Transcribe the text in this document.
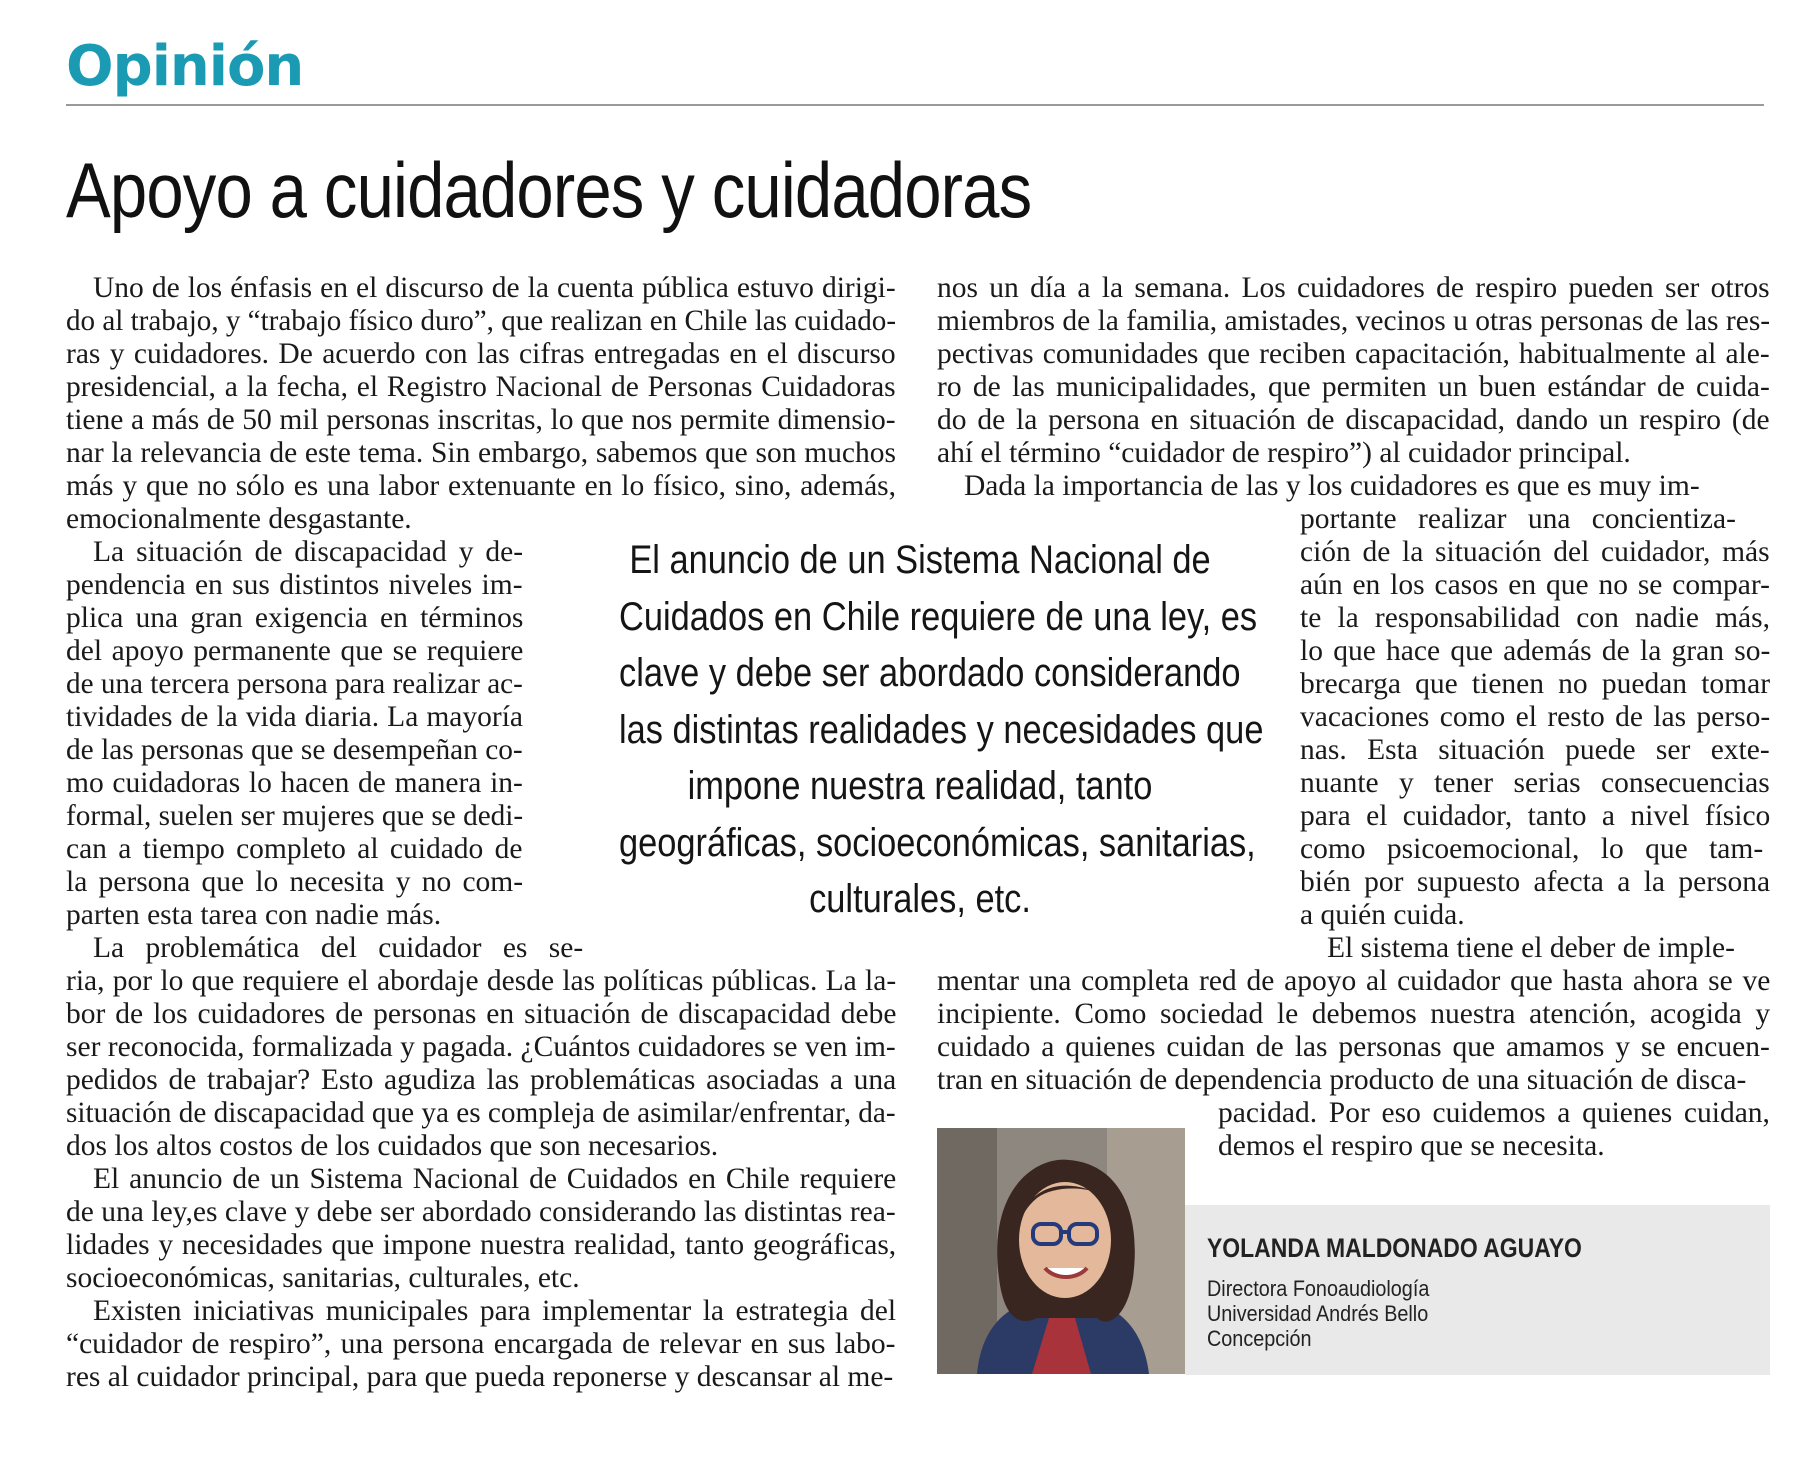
Opinión
Apoyo a cuidadores y cuidadoras
Uno de los énfasis en el discurso de la cuenta pública estuvo dirigi-
do al trabajo, y “trabajo físico duro”, que realizan en Chile las cuidado-
ras y cuidadores. De acuerdo con las cifras entregadas en el discurso
presidencial, a la fecha, el Registro Nacional de Personas Cuidadoras
tiene a más de 50 mil personas inscritas, lo que nos permite dimensio-
nar la relevancia de este tema. Sin embargo, sabemos que son muchos
más y que no sólo es una labor extenuante en lo físico, sino, además,
emocionalmente desgastante.
La situación de discapacidad y de-
pendencia en sus distintos niveles im-
plica una gran exigencia en términos
del apoyo permanente que se requiere
de una tercera persona para realizar ac-
tividades de la vida diaria. La mayoría
de las personas que se desempeñan co-
mo cuidadoras lo hacen de manera in-
formal, suelen ser mujeres que se dedi-
can a tiempo completo al cuidado de
la persona que lo necesita y no com-
parten esta tarea con nadie más.
La problemática del cuidador es se-
ria, por lo que requiere el abordaje desde las políticas públicas. La la-
bor de los cuidadores de personas en situación de discapacidad debe
ser reconocida, formalizada y pagada. ¿Cuántos cuidadores se ven im-
pedidos de trabajar? Esto agudiza las problemáticas asociadas a una
situación de discapacidad que ya es compleja de asimilar/enfrentar, da-
dos los altos costos de los cuidados que son necesarios.
El anuncio de un Sistema Nacional de Cuidados en Chile requiere
de una ley,es clave y debe ser abordado considerando las distintas rea-
lidades y necesidades que impone nuestra realidad, tanto geográficas,
socioeconómicas, sanitarias, culturales, etc.
Existen iniciativas municipales para implementar la estrategia del
“cuidador de respiro”, una persona encargada de relevar en sus labo-
res al cuidador principal, para que pueda reponerse y descansar al me-
nos un día a la semana. Los cuidadores de respiro pueden ser otros
miembros de la familia, amistades, vecinos u otras personas de las res-
pectivas comunidades que reciben capacitación, habitualmente al ale-
ro de las municipalidades, que permiten un buen estándar de cuida-
do de la persona en situación de discapacidad, dando un respiro (de
ahí el término “cuidador de respiro”) al cuidador principal.
Dada la importancia de las y los cuidadores es que es muy im-
portante realizar una concientiza-
ción de la situación del cuidador, más
aún en los casos en que no se compar-
te la responsabilidad con nadie más,
lo que hace que además de la gran so-
brecarga que tienen no puedan tomar
vacaciones como el resto de las perso-
nas. Esta situación puede ser exte-
nuante y tener serias consecuencias
para el cuidador, tanto a nivel físico
como psicoemocional, lo que tam-
bién por supuesto afecta a la persona
a quién cuida.
El sistema tiene el deber de imple-
mentar una completa red de apoyo al cuidador que hasta ahora se ve
incipiente. Como sociedad le debemos nuestra atención, acogida y
cuidado a quienes cuidan de las personas que amamos y se encuen-
tran en situación de dependencia producto de una situación de disca-
pacidad. Por eso cuidemos a quienes cuidan,
demos el respiro que se necesita.
El anuncio de un Sistema Nacional de
Cuidados en Chile requiere de una ley, es
clave y debe ser abordado considerando
las distintas realidades y necesidades que
impone nuestra realidad, tanto
geográficas, socioeconómicas, sanitarias,
culturales, etc.
YOLANDA MALDONADO AGUAYO
Directora Fonoaudiología
Universidad Andrés Bello
Concepción
